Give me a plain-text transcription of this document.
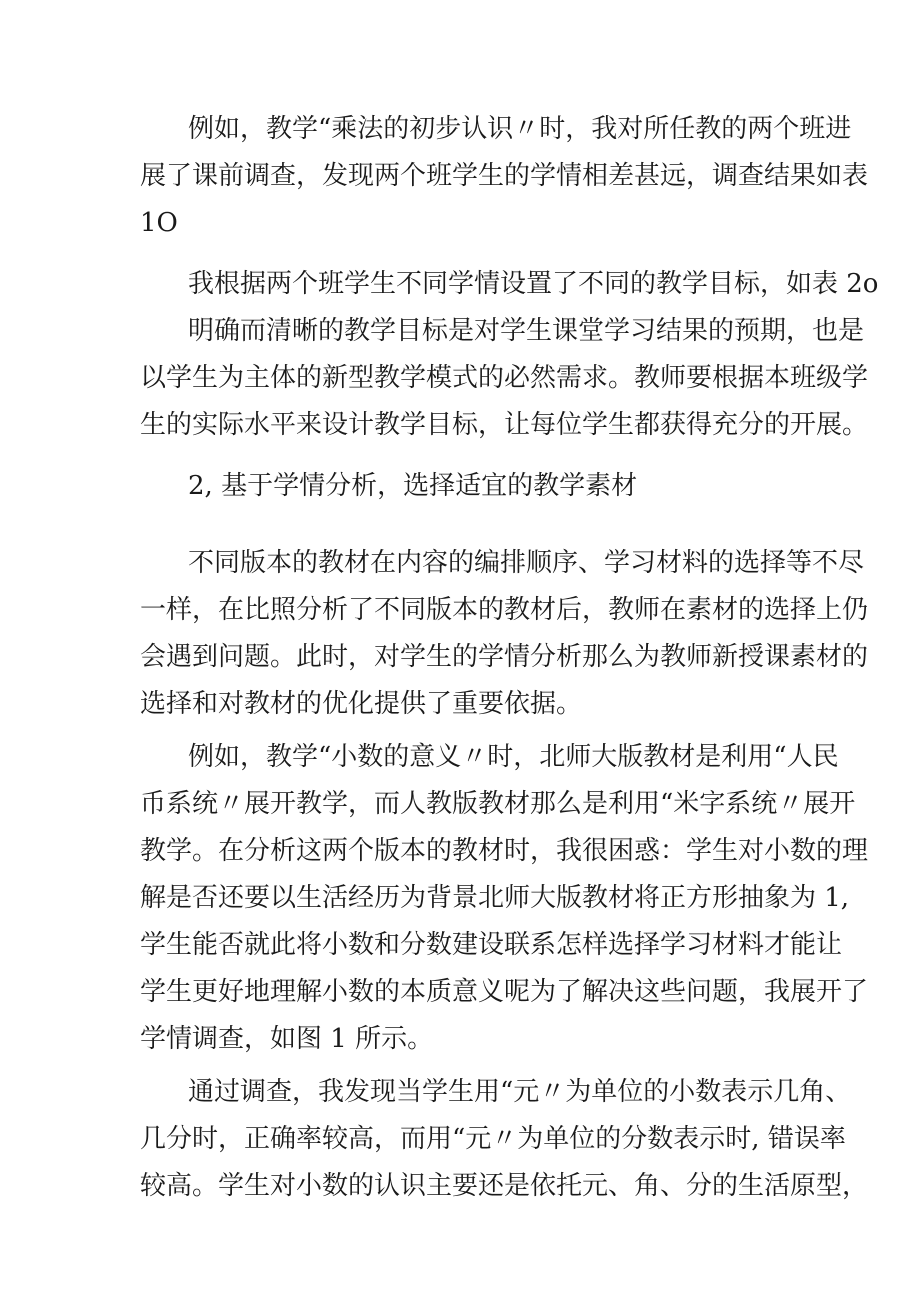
例如，教学“乘法的初步认识〃时，我对所任教的两个班进
展了课前调查，发现两个班学生的学情相差甚远，调查结果如表
1O
我根据两个班学生不同学情设置了不同的教学目标，如表 2o
明确而清晰的教学目标是对学生课堂学习结果的预期，也是
以学生为主体的新型教学模式的必然需求。教师要根据本班级学
生的实际水平来设计教学目标，让每位学生都获得充分的开展。
2, 基于学情分析，选择适宜的教学素材
不同版本的教材在内容的编排顺序、学习材料的选择等不尽
一样，在比照分析了不同版本的教材后，教师在素材的选择上仍
会遇到问题。此时，对学生的学情分析那么为教师新授课素材的
选择和对教材的优化提供了重要依据。
例如，教学“小数的意义〃时，北师大版教材是利用“人民
币系统〃展开教学，而人教版教材那么是利用“米字系统〃展开
教学。在分析这两个版本的教材时，我很困惑：学生对小数的理
解是否还要以生活经历为背景北师大版教材将正方形抽象为 1,
学生能否就此将小数和分数建设联系怎样选择学习材料才能让
学生更好地理解小数的本质意义呢为了解决这些问题，我展开了
学情调查，如图 1 所示。
通过调查，我发现当学生用“元〃为单位的小数表示几角、
几分时，正确率较高，而用“元〃为单位的分数表示时, 错误率
较高。学生对小数的认识主要还是依托元、角、分的生活原型，
